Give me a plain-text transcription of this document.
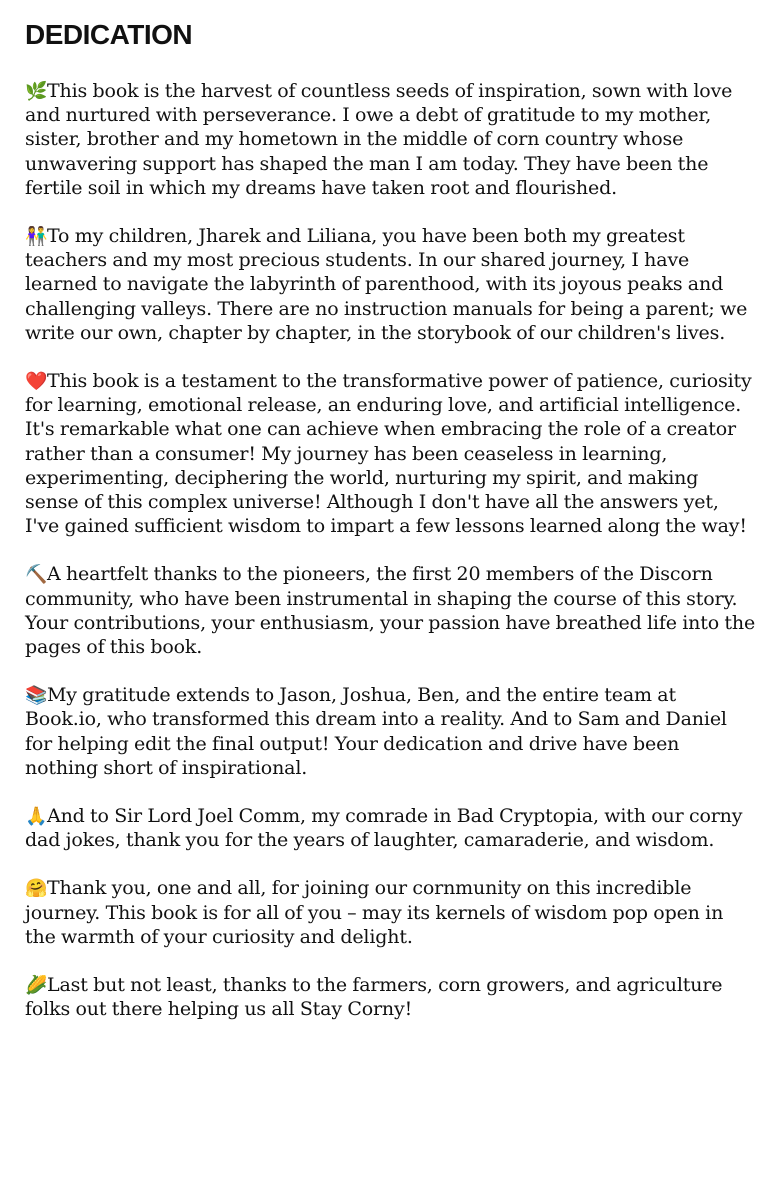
DEDICATION

🌿This book is the harvest of countless seeds of inspiration, sown with love and nurtured with perseverance. I owe a debt of gratitude to my mother, sister, brother and my hometown in the middle of corn country whose unwavering support has shaped the man I am today. They have been the fertile soil in which my dreams have taken root and flourished.

👫To my children, Jharek and Liliana, you have been both my greatest teachers and my most precious students. In our shared journey, I have learned to navigate the labyrinth of parenthood, with its joyous peaks and challenging valleys. There are no instruction manuals for being a parent; we write our own, chapter by chapter, in the storybook of our children's lives.

❤️This book is a testament to the transformative power of patience, curiosity for learning, emotional release, an enduring love, and artificial intelligence. It's remarkable what one can achieve when embracing the role of a creator rather than a consumer! My journey has been ceaseless in learning, experimenting, deciphering the world, nurturing my spirit, and making sense of this complex universe! Although I don't have all the answers yet, I've gained sufficient wisdom to impart a few lessons learned along the way!

⛏️A heartfelt thanks to the pioneers, the first 20 members of the Discorn community, who have been instrumental in shaping the course of this story. Your contributions, your enthusiasm, your passion have breathed life into the pages of this book.

📚My gratitude extends to Jason, Joshua, Ben, and the entire team at Book.io, who transformed this dream into a reality. And to Sam and Daniel for helping edit the final output! Your dedication and drive have been nothing short of inspirational.

🙏And to Sir Lord Joel Comm, my comrade in Bad Cryptopia, with our corny dad jokes, thank you for the years of laughter, camaraderie, and wisdom.

🤗Thank you, one and all, for joining our cornmunity on this incredible journey. This book is for all of you – may its kernels of wisdom pop open in the warmth of your curiosity and delight.

🌽Last but not least, thanks to the farmers, corn growers, and agriculture folks out there helping us all Stay Corny!
